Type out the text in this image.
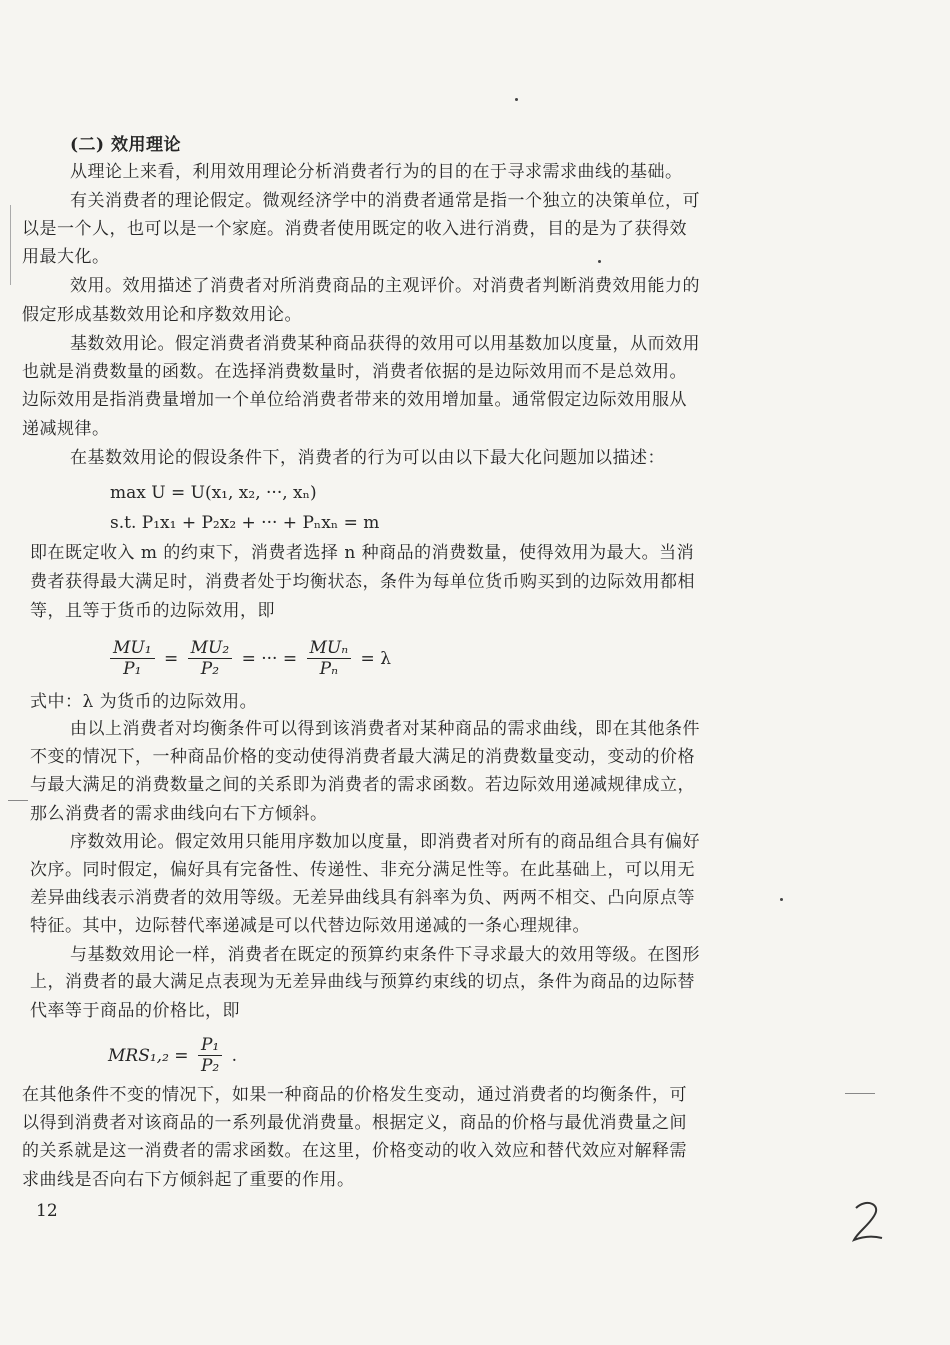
(二) 效用理论
从理论上来看，利用效用理论分析消费者行为的目的在于寻求需求曲线的基础。
有关消费者的理论假定。微观经济学中的消费者通常是指一个独立的决策单位，可
以是一个人，也可以是一个家庭。消费者使用既定的收入进行消费，目的是为了获得效
用最大化。
效用。效用描述了消费者对所消费商品的主观评价。对消费者判断消费效用能力的
假定形成基数效用论和序数效用论。
基数效用论。假定消费者消费某种商品获得的效用可以用基数加以度量，从而效用
也就是消费数量的函数。在选择消费数量时，消费者依据的是边际效用而不是总效用。
边际效用是指消费量增加一个单位给消费者带来的效用增加量。通常假定边际效用服从
递减规律。
在基数效用论的假设条件下，消费者的行为可以由以下最大化问题加以描述：
max U = U(x₁, x₂, ···, xₙ)
s.t. P₁x₁ + P₂x₂ + ··· + Pₙxₙ = m
即在既定收入 m 的约束下，消费者选择 n 种商品的消费数量，使得效用为最大。当消
费者获得最大满足时，消费者处于均衡状态，条件为每单位货币购买到的边际效用都相
等，且等于货币的边际效用，即
$\frac{\text{MU₁}}{\text{P₁}} = \frac{\text{MU₂}}{\text{P₂}}$ = ··· = $\frac{\text{MUₙ}}{\text{Pₙ}} = \lambda$
式中：λ 为货币的边际效用。
由以上消费者对均衡条件可以得到该消费者对某种商品的需求曲线，即在其他条件
不变的情况下，一种商品价格的变动使得消费者最大满足的消费数量变动，变动的价格
与最大满足的消费数量之间的关系即为消费者的需求函数。若边际效用递减规律成立，
那么消费者的需求曲线向右下方倾斜。
序数效用论。假定效用只能用序数加以度量，即消费者对所有的商品组合具有偏好
次序。同时假定，偏好具有完备性、传递性、非充分满足性等。在此基础上，可以用无
差异曲线表示消费者的效用等级。无差异曲线具有斜率为负、两两不相交、凸向原点等
特征。其中，边际替代率递减是可以代替边际效用递减的一条心理规律。
与基数效用论一样，消费者在既定的预算约束条件下寻求最大的效用等级。在图形
上，消费者的最大满足点表现为无差异曲线与预算约束线的切点，条件为商品的边际替
代率等于商品的价格比，即
$MRS_1,_2 = \frac{\text{P₁}}{\text{P₂}}$ .
在其他条件不变的情况下，如果一种商品的价格发生变动，通过消费者的均衡条件，可
以得到消费者对该商品的一系列最优消费量。根据定义，商品的价格与最优消费量之间
的关系就是这一消费者的需求函数。在这里，价格变动的收入效应和替代效应对解释需
求曲线是否向右下方倾斜起了重要的作用。
12
